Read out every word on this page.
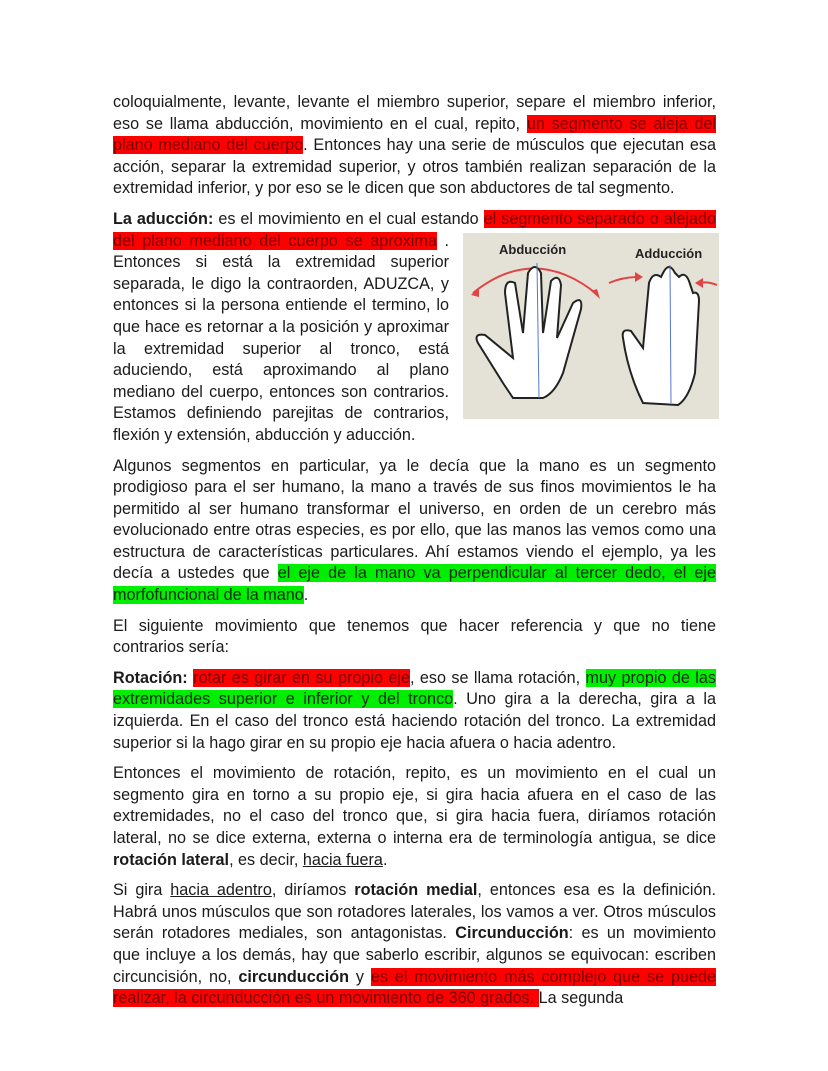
coloquialmente, levante, levante el miembro superior, separe el miembro inferior, eso se llama abducción, movimiento en el cual, repito, un segmento se aleja del plano mediano del cuerpo. Entonces hay una serie de músculos que ejecutan esa acción, separar la extremidad superior, y otros también realizan separación de la extremidad inferior, y por eso se le dicen que son abductores de tal segmento.

La aducción: es el movimiento en el cual estando el segmento separado o alejado del plano mediano del cuerpo se aproxima	Abducción	Adducción
. Entonces si está la extremidad superior separada, le digo la contraorden, ADUZCA, y entonces si la persona entiende el termino, lo que hace es retornar a la posición y aproximar la extremidad superior al tronco, está aduciendo, está aproximando al plano mediano del cuerpo, entonces son contrarios. Estamos definiendo parejitas de contrarios, flexión y extensión, abducción y aducción.

Algunos segmentos en particular, ya le decía que la mano es un segmento prodigioso para el ser humano, la mano a través de sus finos movimientos le ha permitido al ser humano transformar el universo, en orden de un cerebro más evolucionado entre otras especies, es por ello, que las manos las vemos como una estructura de características particulares. Ahí estamos viendo el ejemplo, ya les decía a ustedes que el eje de la mano va perpendicular al tercer dedo, el eje morfofuncional de la mano.

El siguiente movimiento que tenemos que hacer referencia y que no tiene contrarios sería:

Rotación: rotar es girar en su propio eje, eso se llama rotación, muy propio de las extremidades superior e inferior y del tronco. Uno gira a la derecha, gira a la izquierda. En el caso del tronco está haciendo rotación del tronco. La extremidad superior si la hago girar en su propio eje hacia afuera o hacia adentro.

Entonces el movimiento de rotación, repito, es un movimiento en el cual un segmento gira en torno a su propio eje, si gira hacia afuera en el caso de las extremidades, no el caso del tronco que, si gira hacia fuera, diríamos rotación lateral, no se dice externa, externa o interna era de terminología antigua, se dice rotación lateral, es decir, hacia fuera.

Si gira hacia adentro, diríamos rotación medial, entonces esa es la definición. Habrá unos músculos que son rotadores laterales, los vamos a ver. Otros músculos serán rotadores mediales, son antagonistas. Circunducción: es un movimiento que incluye a los demás, hay que saberlo escribir, algunos se equivocan: escriben circuncisión, no, circunducción y es el movimiento más complejo que se puede realizar, la circunducción es un movimiento de 360 grados. La segunda
